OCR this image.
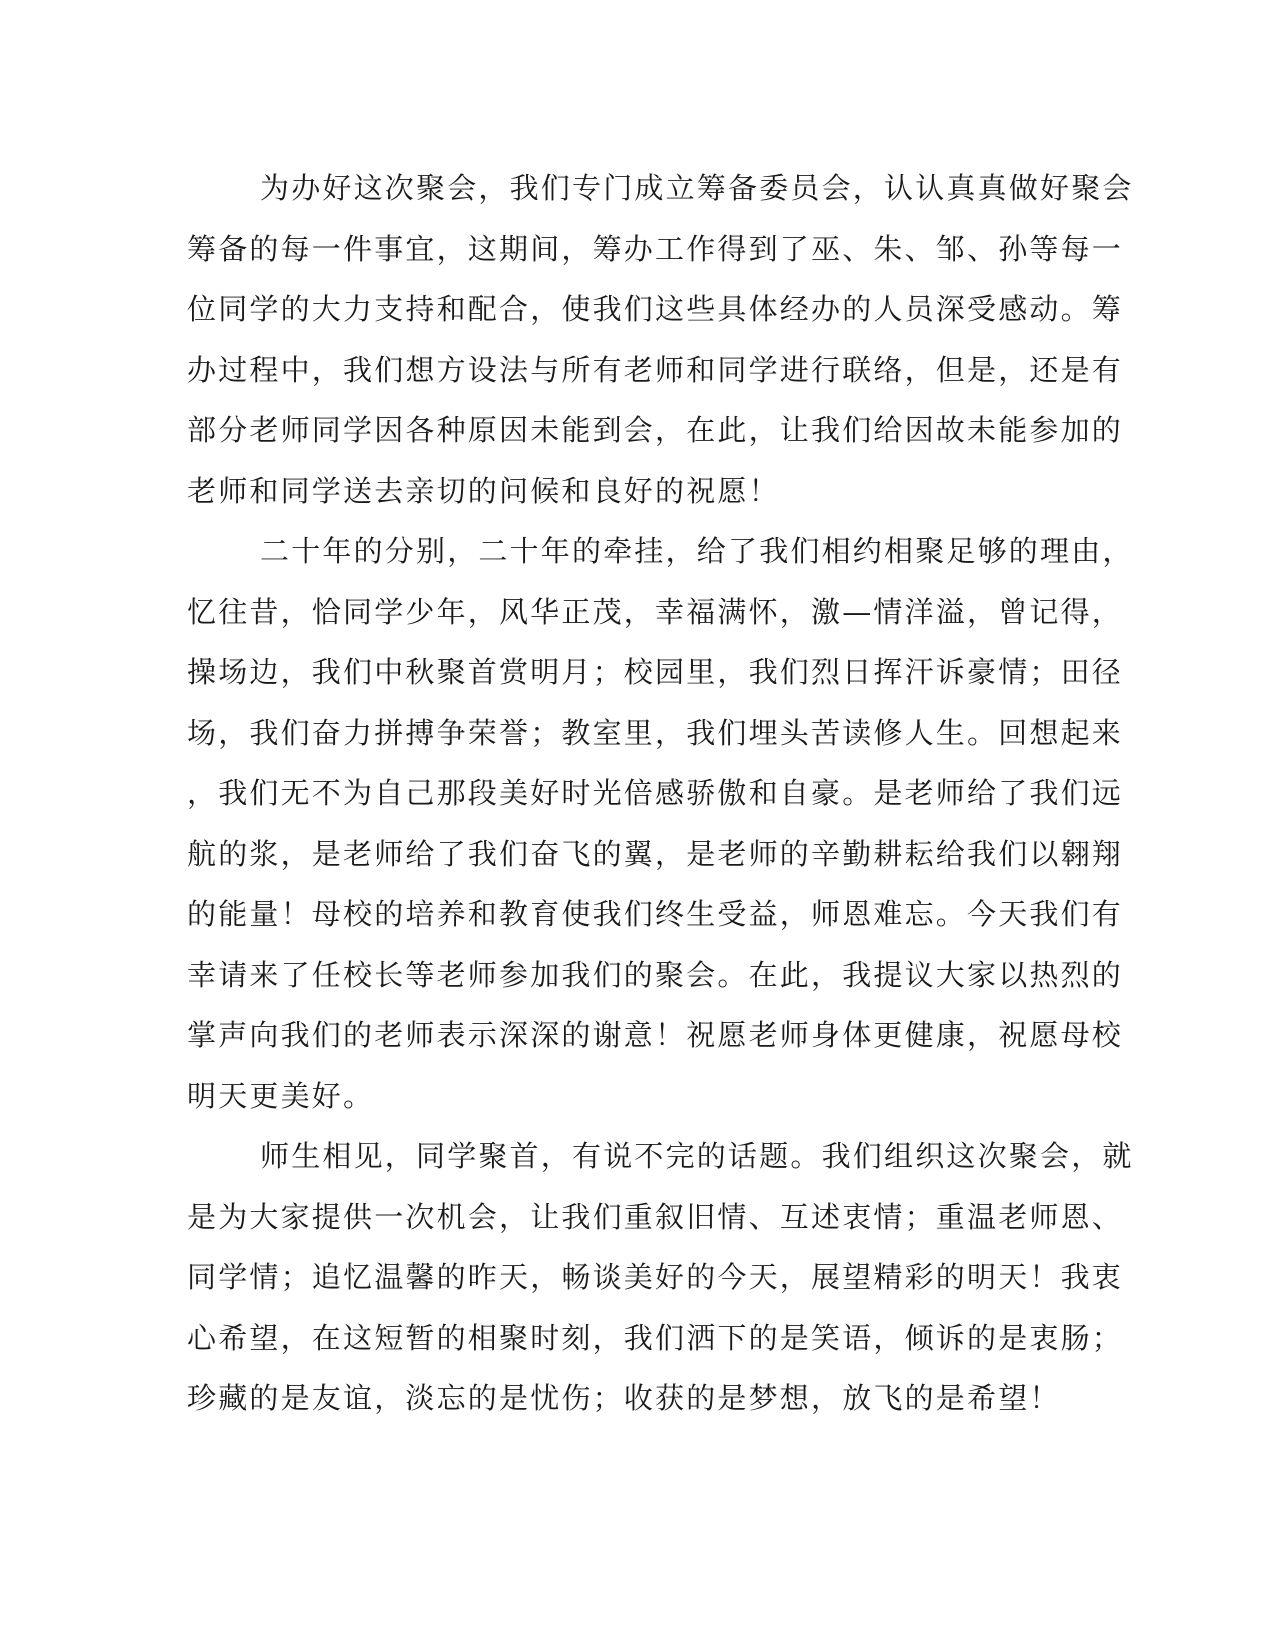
为办好这次聚会，我们专门成立筹备委员会，认认真真做好聚会
筹备的每一件事宜，这期间，筹办工作得到了巫、朱、邹、孙等每一
位同学的大力支持和配合，使我们这些具体经办的人员深受感动。筹
办过程中，我们想方设法与所有老师和同学进行联络，但是，还是有
部分老师同学因各种原因未能到会，在此，让我们给因故未能参加的
老师和同学送去亲切的问候和良好的祝愿！
二十年的分别，二十年的牵挂，给了我们相约相聚足够的理由，
忆往昔，恰同学少年，风华正茂，幸福满怀，激—情洋溢，曾记得，
操场边，我们中秋聚首赏明月；校园里，我们烈日挥汗诉豪情；田径
场，我们奋力拼搏争荣誉；教室里，我们埋头苦读修人生。回想起来
，我们无不为自己那段美好时光倍感骄傲和自豪。是老师给了我们远
航的浆，是老师给了我们奋飞的翼，是老师的辛勤耕耘给我们以翱翔
的能量！母校的培养和教育使我们终生受益，师恩难忘。今天我们有
幸请来了任校长等老师参加我们的聚会。在此，我提议大家以热烈的
掌声向我们的老师表示深深的谢意！祝愿老师身体更健康，祝愿母校
明天更美好。
师生相见，同学聚首，有说不完的话题。我们组织这次聚会，就
是为大家提供一次机会，让我们重叙旧情、互述衷情；重温老师恩、
同学情；追忆温馨的昨天，畅谈美好的今天，展望精彩的明天！我衷
心希望，在这短暂的相聚时刻，我们洒下的是笑语，倾诉的是衷肠；
珍藏的是友谊，淡忘的是忧伤；收获的是梦想，放飞的是希望！
